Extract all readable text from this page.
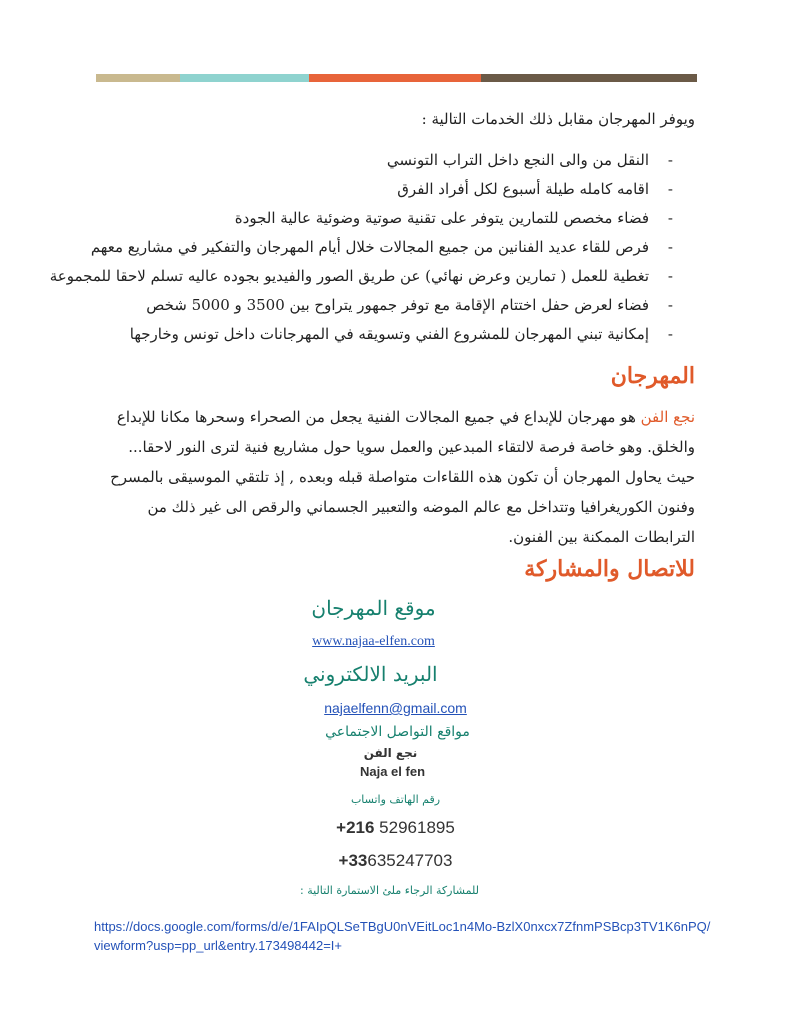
ويوفر المهرجان مقابل ذلك الخدمات التالية :
-
النقل من والى النجع داخل التراب التونسي
-
اقامه كامله طيلة أسبوع لكل أفراد الفرق
-
فضاء مخصص للتمارين يتوفر على تقنية صوتية وضوئية عالية الجودة
-
فرص للقاء عديد الفنانين من جميع المجالات خلال أيام المهرجان والتفكير في مشاريع معهم
-
تغطية للعمل ( تمارين وعرض نهائي) عن طريق الصور والفيديو بجوده عاليه تسلم لاحقا للمجموعة
-
فضاء لعرض حفل اختتام الإقامة مع توفر جمهور يتراوح بين 3500 و 5000 شخص
-
إمكانية تبني المهرجان للمشروع الفني وتسويقه في المهرجانات داخل تونس وخارجها
المهرجان
نجع الفن هو مهرجان للإبداع في جميع المجالات الفنية يجعل من الصحراء وسحرها مكانا للإبداع والخلق. وهو خاصة فرصة لالتقاء المبدعين والعمل سويا حول مشاريع فنية لترى النور لاحقا... حيث يحاول المهرجان أن تكون هذه اللقاءات متواصلة قبله وبعده , إذ تلتقي الموسيقى بالمسرح وفنون الكوريغرافيا وتتداخل مع عالم الموضه والتعبير الجسماني والرقص الى غير ذلك من الترابطات الممكنة بين الفنون.
للاتصال والمشاركة
موقع المهرجان
www.najaa-elfen.com
البريد الالكتروني
najaelfenn@gmail.com
مواقع التواصل الاجتماعي
نجع الفن
Naja el fen
رقم الهاتف واتساب
+216 52961895
+33635247703
للمشاركة الرجاء ملئ الاستمارة التالية :
https://docs.google.com/forms/d/e/1FAIpQLSeTBgU0nVEitLoc1n4Mo-BzlX0nxcx7ZfnmPSBcp3TV1K6nPQ/viewform?usp=pp_url&entry.173498442=I+
